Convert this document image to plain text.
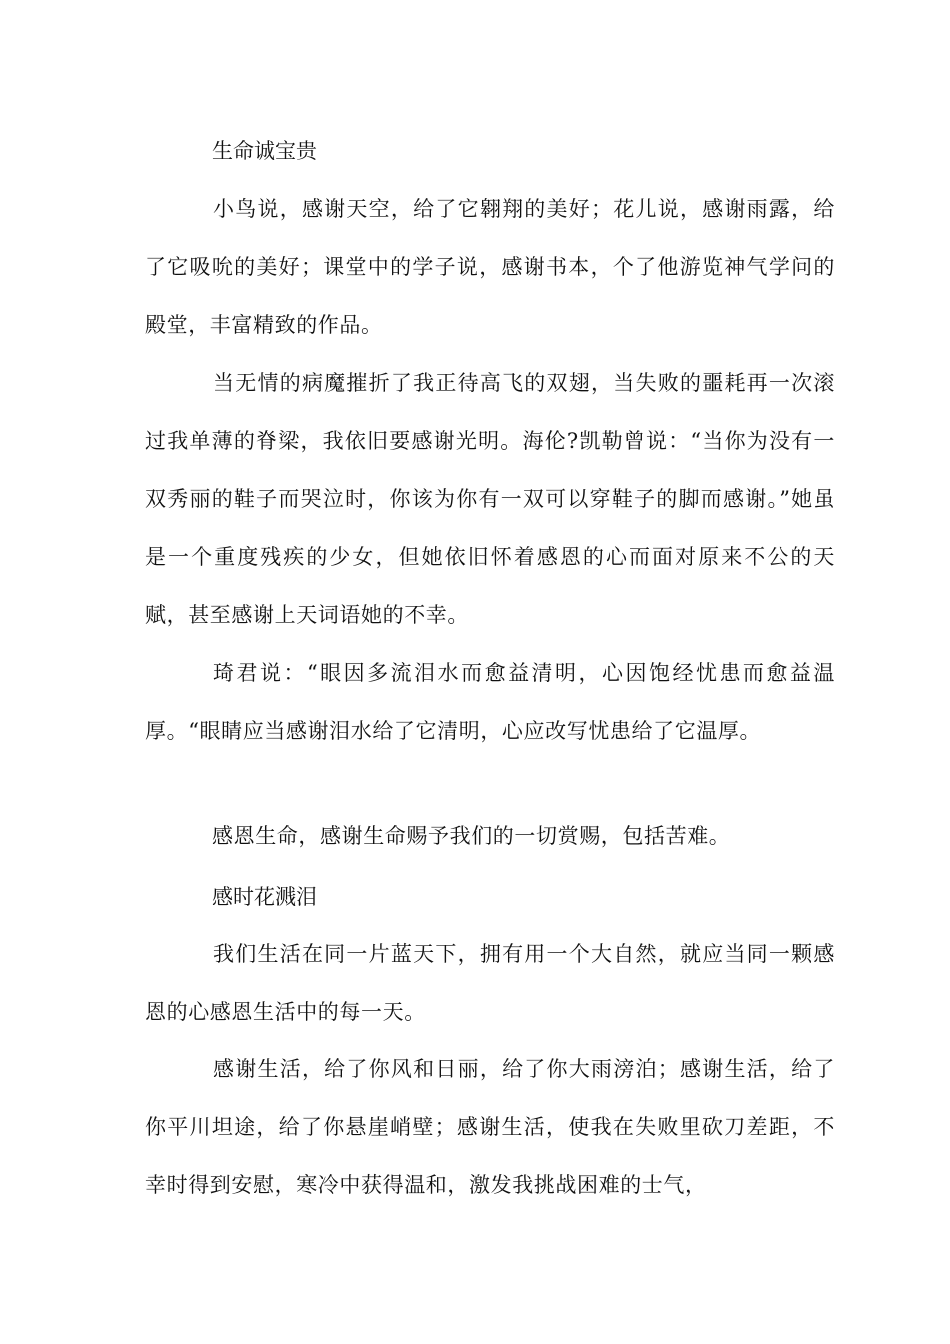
生命诚宝贵
小鸟说，感谢天空，给了它翱翔的美好；花儿说，感谢雨露，给了它吸吮的美好；课堂中的学子说，感谢书本，个了他游览神气学问的殿堂，丰富精致的作品。
当无情的病魔摧折了我正待高飞的双翅，当失败的噩耗再一次滚过我单薄的脊梁，我依旧要感谢光明。海伦?凯勒曾说：“当你为没有一双秀丽的鞋子而哭泣时，你该为你有一双可以穿鞋子的脚而感谢。”她虽是一个重度残疾的少女，但她依旧怀着感恩的心而面对原来不公的天赋，甚至感谢上天词语她的不幸。
琦君说：“眼因多流泪水而愈益清明，心因饱经忧患而愈益温厚。“眼睛应当感谢泪水给了它清明，心应改写忧患给了它温厚。
感恩生命，感谢生命赐予我们的一切赏赐，包括苦难。
感时花溅泪
我们生活在同一片蓝天下，拥有用一个大自然，就应当同一颗感恩的心感恩生活中的每一天。
感谢生活，给了你风和日丽，给了你大雨滂泊；感谢生活，给了你平川坦途，给了你悬崖峭壁；感谢生活，使我在失败里砍刀差距，不幸时得到安慰，寒冷中获得温和，激发我挑战困难的士气，
